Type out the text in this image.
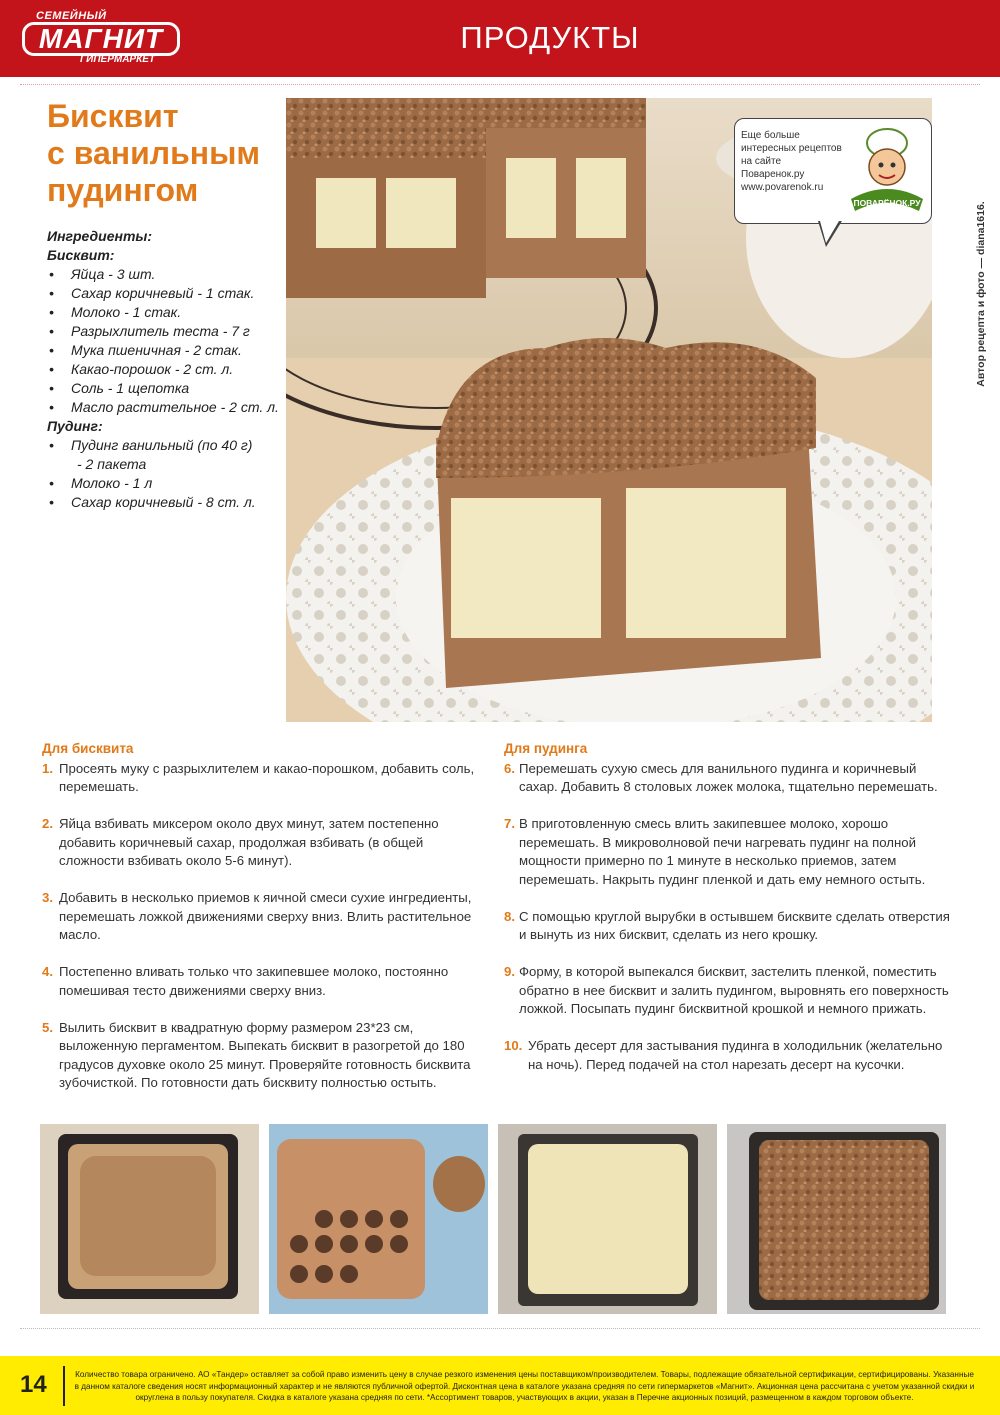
СЕМЕЙНЫЙ
МАГНИТ
ГИПЕРМАРКЕТ
ПРОДУКТЫ
Бисквит
с ванильным
пудингом
Ингредиенты:
Бисквит:
• Яйца - 3 шт.
• Сахар коричневый - 1 стак.
• Молоко - 1 стак.
• Разрыхлитель теста - 7 г
• Мука пшеничная - 2 стак.
• Какао-порошок - 2 ст. л.
• Соль - 1 щепотка
• Масло растительное - 2 ст. л.
Пудинг:
• Пудинг ванильный (по 40 г)
- 2 пакета
• Молоко - 1 л
• Сахар коричневый - 8 ст. л.
Еще больше
интересных рецептов
на сайте Поваренок.ру
www.povarenok.ru
ПОВАРЁНОК.РУ	Автор рецепта и фото — diana1616.
Для бисквита
1. Просеять муку с разрыхлителем и какао-порошком, добавить соль, перемешать.
2. Яйца взбивать миксером около двух минут, затем постепенно добавить коричневый сахар, продолжая взбивать (в общей сложности взбивать около 5-6 минут).
3. Добавить в несколько приемов к яичной смеси сухие ингредиенты, перемешать ложкой движениями сверху вниз. Влить растительное масло.
4. Постепенно вливать только что закипевшее молоко, постоянно помешивая тесто движениями сверху вниз.
5. Вылить бисквит в квадратную форму размером 23*23 см, выложенную пергаментом. Выпекать бисквит в разогретой до 180 градусов духовке около 25 минут. Проверяйте готовность бисквита зубочисткой. По готовности дать бисквиту полностью остыть.
Для пудинга
6. Перемешать сухую смесь для ванильного пудинга и коричневый сахар. Добавить 8 столовых ложек молока, тщательно перемешать.
7. В приготовленную смесь влить закипевшее молоко, хорошо перемешать. В микроволновой печи нагревать пудинг на полной мощности примерно по 1 минуте в несколько приемов, затем перемешать. Накрыть пудинг пленкой и дать ему немного остыть.
8. С помощью круглой вырубки в остывшем бисквите сделать отверстия и вынуть из них бисквит, сделать из него крошку.
9. Форму, в которой выпекался бисквит, застелить пленкой, поместить обратно в нее бисквит и залить пудингом, выровнять его поверхность ложкой. Посыпать пудинг бисквитной крошкой и немного прижать.
10. Убрать десерт для застывания пудинга в холодильник (желательно на ночь). Перед подачей на стол нарезать десерт на кусочки.
14	Количество товара ограничено. АО «Тандер» оставляет за собой право изменить цену в случае резкого изменения цены поставщиком/производителем. Товары, подлежащие обязательной сертификации, сертифицированы. Указанные в данном каталоге сведения носят информационный характер и не являются публичной офертой. Дисконтная цена в каталоге указана средняя по сети гипермаркетов «Магнит». Акционная цена рассчитана с учетом указанной скидки и округлена в пользу покупателя. Скидка в каталоге указана средняя по сети. *Ассортимент товаров, участвующих в акции, указан в Перечне акционных позиций, размещенном в каждом торговом объекте.
